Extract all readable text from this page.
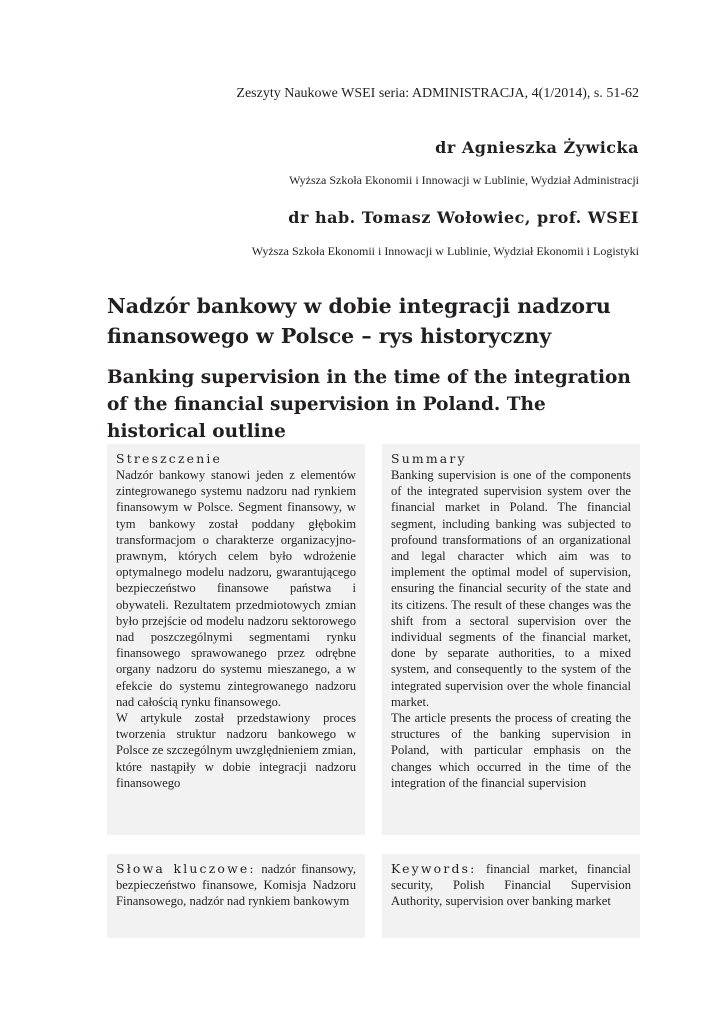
Zeszyty Naukowe WSEI seria: ADMINISTRACJA, 4(1/2014), s. 51-62
dr Agnieszka Żywicka
Wyższa Szkoła Ekonomii i Innowacji w Lublinie, Wydział Administracji
dr hab. Tomasz Wołowiec, prof. WSEI
Wyższa Szkoła Ekonomii i Innowacji w Lublinie, Wydział Ekonomii i Logistyki
Nadzór bankowy w dobie integracji nadzoru finansowego w Polsce – rys historyczny
Banking supervision in the time of the integration of the financial supervision in Poland. The historical outline
Streszczenie

Nadzór bankowy stanowi jeden z elementów zintegrowanego systemu nadzoru nad rynkiem finansowym w Polsce. Segment finansowy, w tym bankowy został poddany głębokim transformacjom o charakterze organizacyjno-prawnym, których celem było wdrożenie optymalnego modelu nadzoru, gwarantującego bezpieczeństwo finansowe państwa i obywateli. Rezultatem przedmiotowych zmian było przejście od modelu nadzoru sektorowego nad poszczególnymi segmentami rynku finansowego sprawowanego przez odrębne organy nadzoru do systemu mieszanego, a w efekcie do systemu zintegrowanego nadzoru nad całością rynku finansowego.

W artykule został przedstawiony proces tworzenia struktur nadzoru bankowego w Polsce ze szczególnym uwzględnieniem zmian, które nastąpiły w dobie integracji nadzoru finansowego

Summary

Banking supervision is one of the components of the integrated supervision system over the financial market in Poland. The financial segment, including banking was subjected to profound transformations of an organizational and legal character which aim was to implement the optimal model of supervision, ensuring the financial security of the state and its citizens. The result of these changes was the shift from a sectoral supervision over the individual segments of the financial market, done by separate authorities, to a mixed system, and consequently to the system of the integrated supervision over the whole financial market.

The article presents the process of creating the structures of the banking supervision in Poland, with particular emphasis on the changes which occurred in the time of the integration of the financial supervision

Słowa kluczowe: nadzór finansowy, bezpieczeństwo finansowe, Komisja Nadzoru Finansowego, nadzór nad rynkiem bankowym

Keywords: financial market, financial security, Polish Financial Supervision Authority, supervision over banking market
